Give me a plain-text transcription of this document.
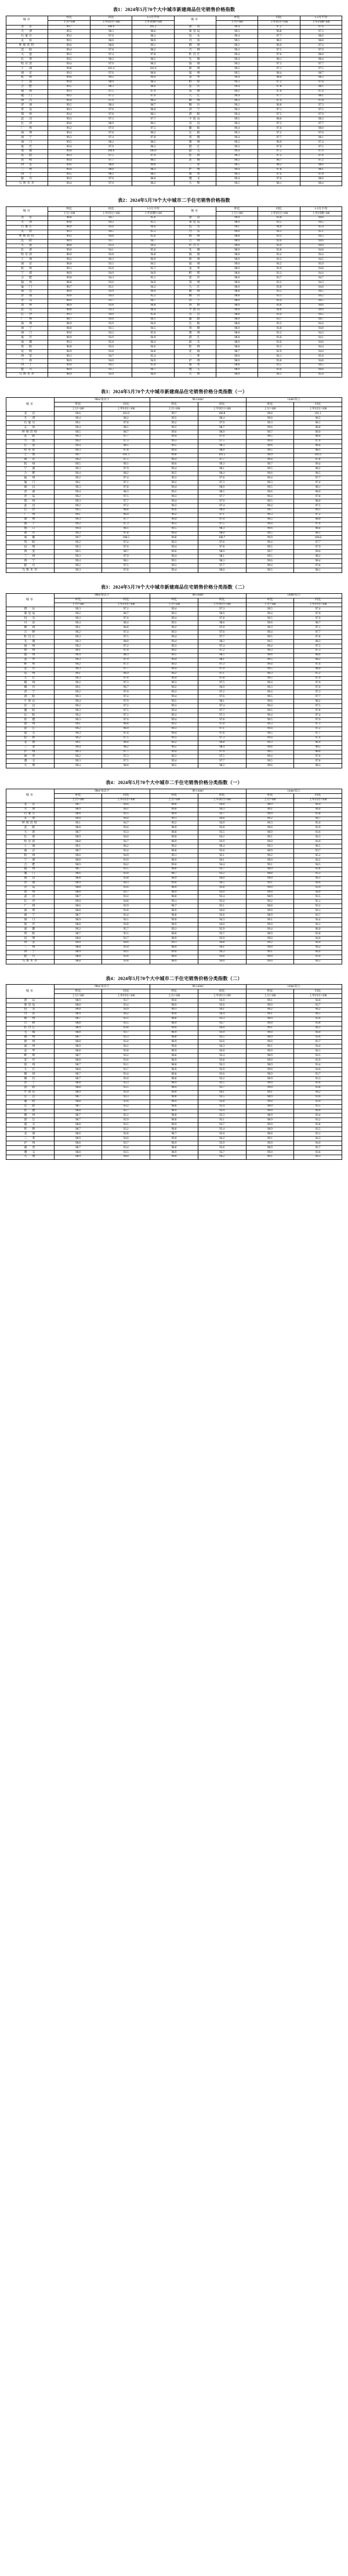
表1：2024年5月70个大中城市新建商品住宅销售价格指数
城市	环比	同比	1-5月平均	城市	环比	同比	1-5月平均
	上月=100	上年同月=100	上年同期=100		上月=100	上年同月=100	上年同期=100
北　京	99.7	100.9	101.2	唐　山	99.4	97.2	97.6
天　津	99.5	98.3	98.6	秦皇岛	99.3	96.8	97.3
石家庄	99.2	97.9	98.2	包　头	99.4	97.7	98.0
太　原	99.5	98.6	98.9	丹　东	99.5	98.5	98.8
呼和浩特	99.6	98.8	99.1	锦　州	99.2	96.9	97.4
沈　阳	99.4	97.8	98.2	吉　林	99.3	97.5	97.9
大　连	99.3	97.4	97.8	牡丹江	99.4	97.6	98.0
长　春	99.5	98.2	98.5	无　锡	99.4	98.1	98.4
哈尔滨	99.4	97.9	98.3	扬　州	99.3	97.3	97.7
上　海	99.8	101.4	101.6	徐　州	99.2	97.1	97.5
南　京	99.3	97.6	98.0	温　州	99.5	98.4	98.7
杭　州	99.6	99.2	99.4	金　华	99.4	98.0	98.3
宁　波	99.4	98.0	98.3	蚌　埠	99.3	97.2	97.6
合　肥	99.5	98.3	98.6	安　庆	99.4	97.8	98.1
福　州	99.3	97.5	97.9	泉　州	99.2	97.0	97.4
厦　门	99.2	97.2	97.6	九　江	99.4	97.7	98.1
南　昌	99.4	97.9	98.2	赣　州	99.3	97.4	97.8
济　南	99.5	98.4	98.7	烟　台	99.2	96.8	97.3
青　岛	99.3	97.6	98.0	济　宁	99.3	97.1	97.5
郑　州	99.4	97.8	98.1	洛　阳	99.4	97.5	97.9
武　汉	99.3	97.3	97.7	平顶山	99.5	98.0	98.3
长　沙	99.6	98.9	99.1	宜　昌	99.3	97.3	97.7
广　州	99.2	97.0	97.5	襄　阳	99.4	97.6	98.0
深　圳	99.4	97.8	98.2	岳　阳	99.3	97.2	97.6
南　宁	99.3	97.4	97.8	常　德	99.4	97.7	98.1
海　口	99.5	98.2	98.5	惠　州	99.2	96.9	97.4
重　庆	99.4	97.9	98.3	湛　江	99.3	97.0	97.5
成　都	99.8	100.6	100.9	韶　关	99.4	97.5	97.9
贵　阳	99.3	97.5	97.9	桂　林	99.3	97.2	97.6
昆　明	99.4	97.7	98.1	北　海	99.2	96.7	97.2
西　安	99.6	98.8	99.0	三　亚	99.5	98.3	98.6
兰　州	99.4	98.0	98.3	泸　州	99.4	97.8	98.1
西　宁	99.5	98.2	98.5	南　充	99.3	97.4	97.8
银　川	99.3	97.6	98.0	遵　义	99.4	97.6	98.0
乌鲁木齐	99.4	97.9	98.2	大　理	99.5	98.1	98.4
表2：2024年5月70个大中城市二手住宅销售价格指数
城市	环比	同比	1-5月平均	城市	环比	同比	1-5月平均
	上月=100	上年同月=100	上年同期=100		上月=100	上年同月=100	上年同期=100
北　京	98.8	94.7	95.6	唐　山	99.0	93.8	94.8
天　津	99.0	94.2	95.1	秦皇岛	98.9	93.5	94.5
石家庄	98.9	93.6	94.6	包　头	99.1	94.0	95.0
太　原	99.1	94.5	95.3	丹　东	99.0	94.3	95.1
呼和浩特	99.2	94.8	95.6	锦　州	98.8	93.2	94.3
沈　阳	98.9	93.7	94.7	吉　林	98.9	93.6	94.6
大　连	98.8	93.4	94.4	牡丹江	99.0	93.9	94.9
长　春	99.0	94.1	95.0	无　锡	98.9	93.8	94.8
哈尔滨	98.9	93.8	94.8	扬　州	98.8	93.4	94.4
上　海	99.2	96.3	96.9	徐　州	98.9	93.5	94.5
南　京	98.8	93.5	94.5	温　州	99.0	94.2	95.0
杭　州	99.1	95.0	95.7	金　华	98.9	93.9	94.8
宁　波	98.9	94.0	94.9	蚌　埠	98.8	93.3	94.4
合　肥	99.0	94.3	95.1	安　庆	98.9	93.7	94.7
福　州	98.8	93.6	94.6	泉　州	98.8	93.2	94.3
厦　门	98.7	93.1	94.2	九　江	98.9	93.8	94.8
南　昌	98.9	93.9	94.9	赣　州	98.8	93.5	94.5
济　南	99.0	94.4	95.2	烟　台	98.8	93.1	94.2
青　岛	98.9	93.7	94.7	济　宁	98.9	93.4	94.5
郑　州	98.9	93.8	94.8	洛　阳	98.9	93.6	94.6
武　汉	98.8	93.3	94.4	平顶山	99.0	94.0	94.9
长　沙	99.1	94.9	95.6	宜　昌	98.8	93.4	94.5
广　州	98.7	93.0	94.1	襄　阳	98.9	93.7	94.7
深　圳	98.9	93.9	94.9	岳　阳	98.8	93.3	94.4
南　宁	98.8	93.5	94.5	常　德	98.9	93.8	94.8
海　口	99.0	94.2	95.0	惠　州	98.8	93.2	94.3
重　庆	98.9	93.9	94.9	湛　江	98.8	93.0	94.1
成　都	99.3	95.8	96.4	韶　关	98.9	93.6	94.6
贵　阳	98.8	93.6	94.6	桂　林	98.8	93.3	94.4
昆　明	98.9	93.8	94.8	北　海	98.7	92.9	94.0
西　安	99.1	94.7	95.4	三　亚	99.0	94.1	95.0
兰　州	98.9	94.0	94.9	泸　州	98.9	93.8	94.8
西　宁	99.0	94.2	95.0	南　充	98.8	93.5	94.5
银　川	98.9	93.7	94.7	遵　义	98.9	93.6	94.6
乌鲁木齐	98.9	93.9	94.9	大　理	99.0	94.1	95.0
表3：2024年5月70个大中城市新建商品住宅销售价格分类指数（一）
城市	90m²及以下		90-144m²		144m²以上	
	环比	同比	环比	同比	环比	同比
	上月=100	上年同月=100	上月=100	上年同月=100	上月=100	上年同月=100
北　京	99.6	101.0	99.7	100.8	99.8	101.1
天　津	99.4	98.2	99.5	98.4	99.6	98.5
石家庄	99.1	97.8	99.2	97.9	99.3	98.1
太　原	99.4	98.5	99.5	98.7	99.6	98.8
呼和浩特	99.5	98.7	99.6	98.9	99.7	99.0
沈　阳	99.3	97.7	99.4	97.9	99.5	98.0
大　连	99.2	97.3	99.3	97.5	99.4	97.6
长　春	99.4	98.1	99.5	98.3	99.6	98.4
哈尔滨	99.3	97.8	99.4	98.0	99.5	98.1
上　海	99.7	101.3	99.8	101.5	99.9	101.6
南　京	99.2	97.5	99.3	97.7	99.4	97.8
杭　州	99.5	99.1	99.6	99.3	99.7	99.4
宁　波	99.3	97.9	99.4	98.1	99.5	98.2
合　肥	99.4	98.2	99.5	98.4	99.6	98.5
福　州	99.2	97.4	99.3	97.6	99.4	97.7
厦　门	99.1	97.1	99.2	97.3	99.3	97.4
南　昌	99.3	97.8	99.4	98.0	99.5	98.1
济　南	99.4	98.3	99.5	98.5	99.6	98.6
青　岛	99.2	97.5	99.3	97.7	99.4	97.8
郑　州	99.3	97.7	99.4	97.9	99.5	98.0
武　汉	99.2	97.2	99.3	97.4	99.4	97.5
长　沙	99.5	98.8	99.6	99.0	99.7	99.1
广　州	99.1	96.9	99.2	97.1	99.3	97.2
深　圳	99.3	97.7	99.4	97.9	99.5	98.0
南　宁	99.2	97.3	99.3	97.5	99.4	97.6
海　口	99.4	98.1	99.5	98.3	99.6	98.4
重　庆	99.3	97.8	99.4	98.0	99.5	98.1
成　都	99.7	100.5	99.8	100.7	99.9	100.8
贵　阳	99.2	97.4	99.3	97.6	99.4	97.7
昆　明	99.3	97.6	99.4	97.8	99.5	97.9
西　安	99.5	98.7	99.6	98.9	99.7	99.0
兰　州	99.3	97.9	99.4	98.1	99.5	98.2
西　宁	99.4	98.1	99.5	98.3	99.6	98.4
银　川	99.2	97.5	99.3	97.7	99.4	97.8
乌鲁木齐	99.3	97.8	99.4	98.0	99.5	98.1
表3：2024年5月70个大中城市新建商品住宅销售价格分类指数（二）
城市	90m²及以下		90-144m²		144m²以上	
	环比	同比	环比	同比	环比	同比
	上月=100	上年同月=100	上月=100	上年同月=100	上月=100	上年同月=100
唐　山	99.3	97.1	99.4	97.3	99.5	97.4
秦皇岛	99.2	96.7	99.3	96.9	99.4	97.0
包　头	99.3	97.6	99.4	97.8	99.5	97.9
丹　东	99.4	98.4	99.5	98.6	99.6	98.7
锦　州	99.1	96.8	99.2	97.0	99.3	97.1
吉　林	99.2	97.4	99.3	97.6	99.4	97.7
牡丹江	99.3	97.5	99.4	97.7	99.5	97.8
无　锡	99.3	98.0	99.4	98.2	99.5	98.3
扬　州	99.2	97.2	99.3	97.4	99.4	97.5
徐　州	99.1	97.0	99.2	97.2	99.3	97.3
温　州	99.4	98.3	99.5	98.5	99.6	98.6
金　华	99.3	97.9	99.4	98.1	99.5	98.2
蚌　埠	99.2	97.1	99.3	97.3	99.4	97.4
安　庆	99.3	97.7	99.4	97.9	99.5	98.0
泉　州	99.1	96.9	99.2	97.1	99.3	97.2
九　江	99.3	97.6	99.4	97.8	99.5	97.9
赣　州	99.2	97.3	99.3	97.5	99.4	97.6
烟　台	99.1	96.7	99.2	96.9	99.3	97.0
济　宁	99.2	97.0	99.3	97.2	99.4	97.3
洛　阳	99.3	97.4	99.4	97.6	99.5	97.7
平顶山	99.4	97.9	99.5	98.1	99.6	98.2
宜　昌	99.2	97.2	99.3	97.4	99.4	97.5
襄　阳	99.3	97.5	99.4	97.7	99.5	97.8
岳　阳	99.2	97.1	99.3	97.3	99.4	97.4
常　德	99.3	97.6	99.4	97.8	99.5	97.9
惠　州	99.1	96.8	99.2	97.0	99.3	97.1
湛　江	99.2	96.9	99.3	97.1	99.4	97.2
韶　关	99.3	97.4	99.4	97.6	99.5	97.7
桂　林	99.2	97.1	99.3	97.3	99.4	97.4
北　海	99.1	96.6	99.2	96.8	99.3	96.9
三　亚	99.4	98.2	99.5	98.4	99.6	98.5
泸　州	99.3	97.7	99.4	97.9	99.5	98.0
南　充	99.2	97.3	99.3	97.5	99.4	97.6
遵　义	99.3	97.5	99.4	97.7	99.5	97.8
大　理	99.4	98.0	99.5	98.2	99.6	98.3
表4：2024年5月70个大中城市二手住宅销售价格分类指数（一）
城市	90m²及以下		90-144m²		144m²以上	
	环比	同比	环比	同比	环比	同比
	上月=100	上年同月=100	上月=100	上年同月=100	上月=100	上年同月=100
北　京	98.7	94.6	98.8	94.8	98.9	94.9
天　津	98.9	94.1	99.0	94.3	99.1	94.4
石家庄	98.8	93.5	98.9	93.7	99.0	93.8
太　原	99.0	94.4	99.1	94.6	99.2	94.7
呼和浩特	99.1	94.7	99.2	94.9	99.3	95.0
沈　阳	98.8	93.6	98.9	93.8	99.0	93.9
大　连	98.7	93.3	98.8	93.5	98.9	93.6
长　春	98.9	94.0	99.0	94.2	99.1	94.3
哈尔滨	98.8	93.7	98.9	93.9	99.0	94.0
上　海	99.1	96.2	99.2	96.4	99.3	96.5
南　京	98.7	93.4	98.8	93.6	98.9	93.7
杭　州	99.0	94.9	99.1	95.1	99.2	95.2
宁　波	98.8	93.9	98.9	94.1	99.0	94.2
合　肥	98.9	94.2	99.0	94.4	99.1	94.5
福　州	98.7	93.5	98.8	93.7	98.9	93.8
厦　门	98.6	93.0	98.7	93.2	98.8	93.3
南　昌	98.8	93.8	98.9	94.0	99.0	94.1
济　南	98.9	94.3	99.0	94.5	99.1	94.6
青　岛	98.8	93.6	98.9	93.8	99.0	93.9
郑　州	98.8	93.7	98.9	93.9	99.0	94.0
武　汉	98.7	93.2	98.8	93.4	98.9	93.5
长　沙	99.0	94.8	99.1	95.0	99.2	95.1
广　州	98.6	92.9	98.7	93.1	98.8	93.2
深　圳	98.8	93.8	98.9	94.0	99.0	94.1
南　宁	98.7	93.4	98.8	93.6	98.9	93.7
海　口	98.9	94.1	99.0	94.3	99.1	94.4
重　庆	98.8	93.8	98.9	94.0	99.0	94.1
成　都	99.2	95.7	99.3	95.9	99.4	96.0
贵　阳	98.7	93.5	98.8	93.7	98.9	93.8
昆　明	98.8	93.7	98.9	93.9	99.0	94.0
西　安	99.0	94.6	99.1	94.8	99.2	94.9
兰　州	98.8	93.9	98.9	94.1	99.0	94.2
西　宁	98.9	94.1	99.0	94.3	99.1	94.4
银　川	98.8	93.6	98.9	93.8	99.0	93.9
乌鲁木齐	98.8	93.8	98.9	94.0	99.0	94.1
表4：2024年5月70个大中城市二手住宅销售价格分类指数（二）
城市	90m²及以下		90-144m²		144m²以上	
	环比	同比	环比	同比	环比	同比
	上月=100	上年同月=100	上月=100	上年同月=100	上月=100	上年同月=100
唐　山	98.9	93.7	99.0	93.9	99.1	94.0
秦皇岛	98.8	93.4	98.9	93.6	99.0	93.7
包　头	99.0	93.9	99.1	94.1	99.2	94.2
丹　东	98.9	94.2	99.0	94.4	99.1	94.5
锦　州	98.7	93.1	98.8	93.3	98.9	93.4
吉　林	98.8	93.5	98.9	93.7	99.0	93.8
牡丹江	98.9	93.8	99.0	94.0	99.1	94.1
无　锡	98.8	93.7	98.9	93.9	99.0	94.0
扬　州	98.7	93.3	98.8	93.5	98.9	93.6
徐　州	98.8	93.4	98.9	93.6	99.0	93.7
温　州	98.9	94.1	99.0	94.3	99.1	94.4
金　华	98.8	93.8	98.9	94.0	99.0	94.1
蚌　埠	98.7	93.2	98.8	93.4	98.9	93.5
安　庆	98.8	93.6	98.9	93.8	99.0	93.9
泉　州	98.7	93.1	98.8	93.3	98.9	93.4
九　江	98.8	93.7	98.9	93.9	99.0	94.0
赣　州	98.7	93.4	98.8	93.6	98.9	93.7
烟　台	98.7	93.0	98.8	93.2	98.9	93.3
济　宁	98.8	93.3	98.9	93.5	99.0	93.6
洛　阳	98.8	93.5	98.9	93.7	99.0	93.8
平顶山	98.9	93.9	99.0	94.1	99.1	94.2
宜　昌	98.7	93.3	98.8	93.5	98.9	93.6
襄　阳	98.8	93.6	98.9	93.8	99.0	93.9
岳　阳	98.7	93.2	98.8	93.4	98.9	93.5
常　德	98.8	93.7	98.9	93.9	99.0	94.0
惠　州	98.7	93.1	98.8	93.3	98.9	93.4
湛　江	98.7	92.9	98.8	93.1	98.9	93.2
韶　关	98.8	93.5	98.9	93.7	99.0	93.8
桂　林	98.7	93.2	98.8	93.4	98.9	93.5
北　海	98.6	92.8	98.7	93.0	98.8	93.1
三　亚	98.9	94.0	99.0	94.2	99.1	94.3
泸　州	98.8	93.7	98.9	93.9	99.0	94.0
南　充	98.7	93.4	98.8	93.6	98.9	93.7
遵　义	98.8	93.5	98.9	93.7	99.0	93.8
大　理	98.9	94.0	99.0	94.2	99.1	94.3
